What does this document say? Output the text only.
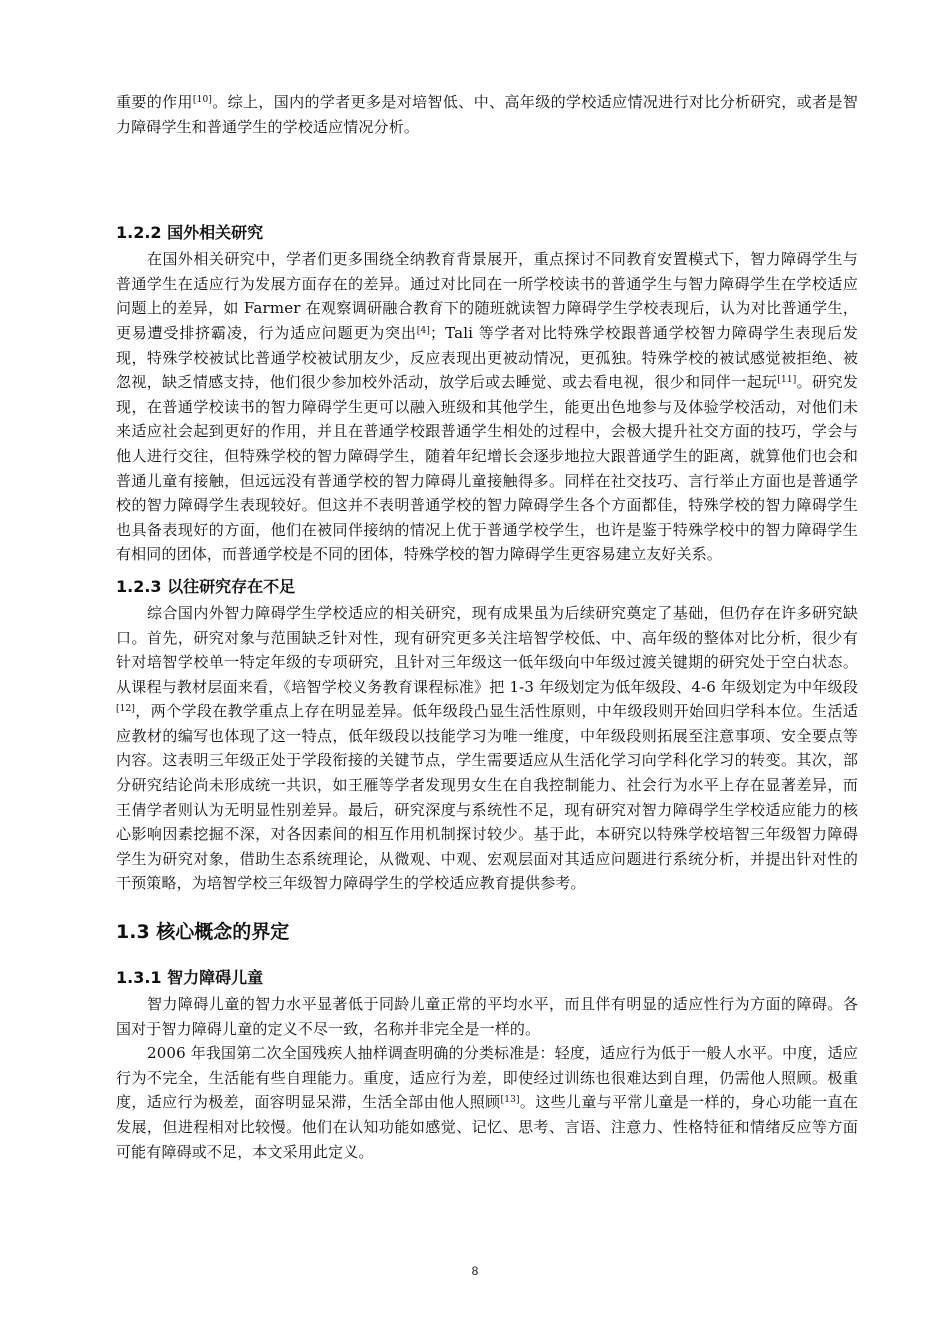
重要的作用[10]。综上，国内的学者更多是对培智低、中、高年级的学校适应情况进行对比分析研究，或者是智力障碍学生和普通学生的学校适应情况分析。

1.2.2 国外相关研究

在国外相关研究中，学者们更多围绕全纳教育背景展开，重点探讨不同教育安置模式下，智力障碍学生与普通学生在适应行为发展方面存在的差异。通过对比同在一所学校读书的普通学生与智力障碍学生在学校适应问题上的差异，如 Farmer 在观察调研融合教育下的随班就读智力障碍学生学校表现后，认为对比普通学生，更易遭受排挤霸凌，行为适应问题更为突出[4]；Tali 等学者对比特殊学校跟普通学校智力障碍学生表现后发现，特殊学校被试比普通学校被试朋友少，反应表现出更被动情况，更孤独。特殊学校的被试感觉被拒绝、被忽视，缺乏情感支持，他们很少参加校外活动，放学后或去睡觉、或去看电视，很少和同伴一起玩[11]。研究发现，在普通学校读书的智力障碍学生更可以融入班级和其他学生，能更出色地参与及体验学校活动，对他们未来适应社会起到更好的作用，并且在普通学校跟普通学生相处的过程中，会极大提升社交方面的技巧，学会与他人进行交往，但特殊学校的智力障碍学生，随着年纪增长会逐步地拉大跟普通学生的距离，就算他们也会和普通儿童有接触，但远远没有普通学校的智力障碍儿童接触得多。同样在社交技巧、言行举止方面也是普通学校的智力障碍学生表现较好。但这并不表明普通学校的智力障碍学生各个方面都佳，特殊学校的智力障碍学生也具备表现好的方面，他们在被同伴接纳的情况上优于普通学校学生，也许是鉴于特殊学校中的智力障碍学生有相同的团体，而普通学校是不同的团体，特殊学校的智力障碍学生更容易建立友好关系。

1.2.3 以往研究存在不足

综合国内外智力障碍学生学校适应的相关研究，现有成果虽为后续研究奠定了基础，但仍存在许多研究缺口。首先，研究对象与范围缺乏针对性，现有研究更多关注培智学校低、中、高年级的整体对比分析，很少有针对培智学校单一特定年级的专项研究，且针对三年级这一低年级向中年级过渡关键期的研究处于空白状态。从课程与教材层面来看，《培智学校义务教育课程标准》把 1-3 年级划定为低年级段、4-6 年级划定为中年级段[12]，两个学段在教学重点上存在明显差异。低年级段凸显生活性原则，中年级段则开始回归学科本位。生活适应教材的编写也体现了这一特点，低年级段以技能学习为唯一维度，中年级段则拓展至注意事项、安全要点等内容。这表明三年级正处于学段衔接的关键节点，学生需要适应从生活化学习向学科化学习的转变。其次，部分研究结论尚未形成统一共识，如王雁等学者发现男女生在自我控制能力、社会行为水平上存在显著差异，而王倩学者则认为无明显性别差异。最后，研究深度与系统性不足，现有研究对智力障碍学生学校适应能力的核心影响因素挖掘不深，对各因素间的相互作用机制探讨较少。基于此，本研究以特殊学校培智三年级智力障碍学生为研究对象，借助生态系统理论，从微观、中观、宏观层面对其适应问题进行系统分析，并提出针对性的干预策略，为培智学校三年级智力障碍学生的学校适应教育提供参考。

1.3 核心概念的界定
1.3.1 智力障碍儿童

智力障碍儿童的智力水平显著低于同龄儿童正常的平均水平，而且伴有明显的适应性行为方面的障碍。各国对于智力障碍儿童的定义不尽一致，名称并非完全是一样的。

2006 年我国第二次全国残疾人抽样调查明确的分类标准是：轻度，适应行为低于一般人水平。中度，适应行为不完全，生活能有些自理能力。重度，适应行为差，即使经过训练也很难达到自理，仍需他人照顾。极重度，适应行为极差，面容明显呆滞，生活全部由他人照顾[13]。这些儿童与平常儿童是一样的，身心功能一直在发展，但进程相对比较慢。他们在认知功能如感觉、记忆、思考、言语、注意力、性格特征和情绪反应等方面可能有障碍或不足，本文采用此定义。

8
